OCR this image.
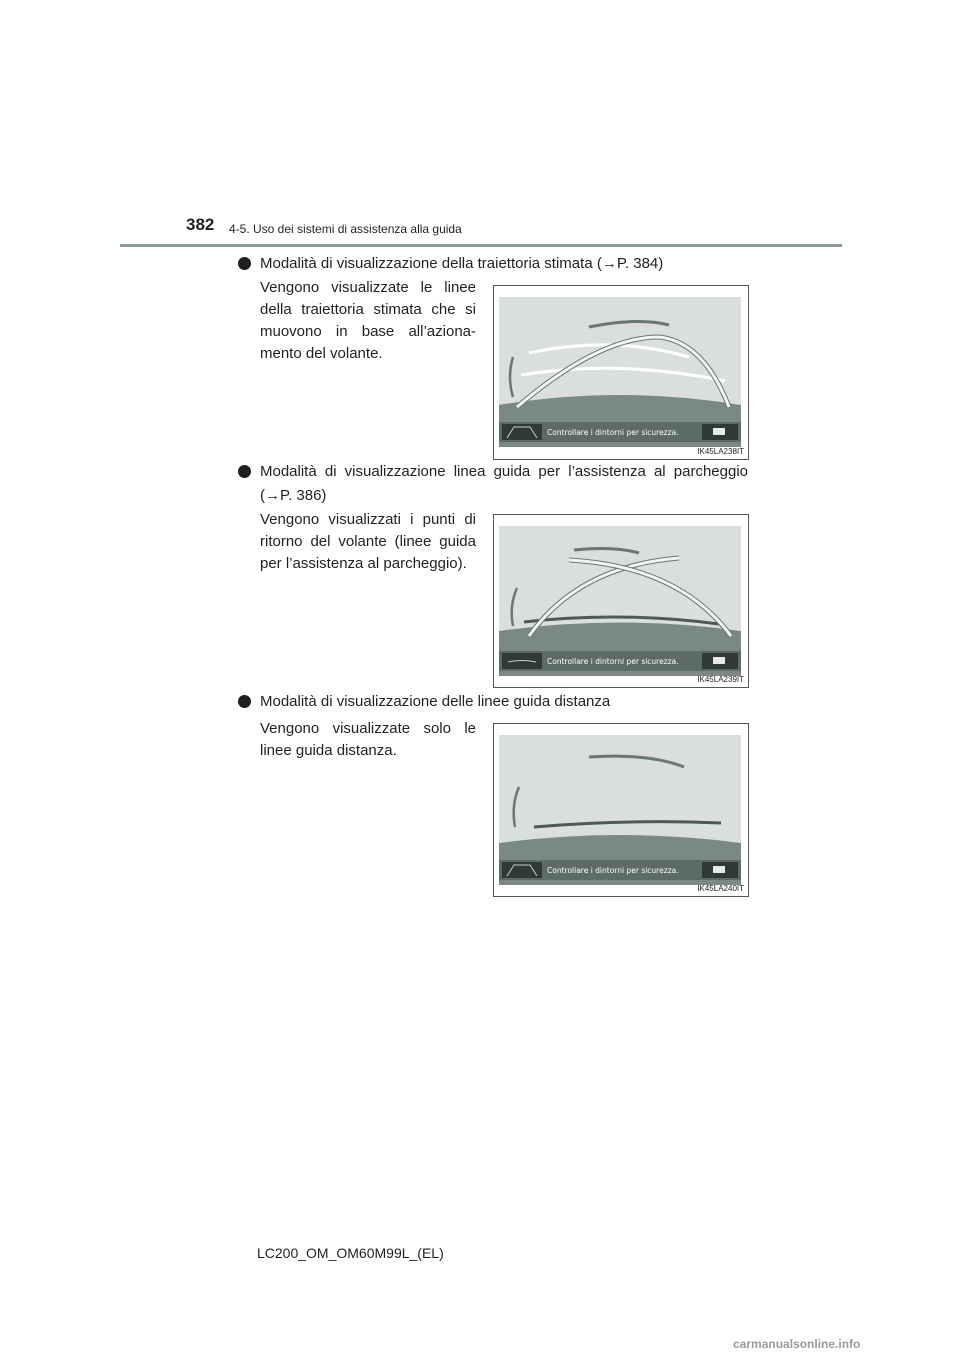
382 4-5. Uso dei sistemi di assistenza alla guida
Modalità di visualizzazione della traiettoria stimata (→P. 384)
Vengono visualizzate le linee della traiettoria stimata che si muovono in base all’aziona-mento del volante.
Controllare i dintorni per sicurezza.
IK45LA238IT
Modalità di visualizzazione linea guida per l’assistenza al parcheggio (→P. 386)
Vengono visualizzati i punti di ritorno del volante (linee guida per l’assistenza al parcheggio).
Controllare i dintorni per sicurezza.
IK45LA239IT
Modalità di visualizzazione delle linee guida distanza
Vengono visualizzate solo le linee guida distanza.
Controllare i dintorni per sicurezza.
IK45LA240IT
LC200_OM_OM60M99L_(EL)
carmanualsonline.info
